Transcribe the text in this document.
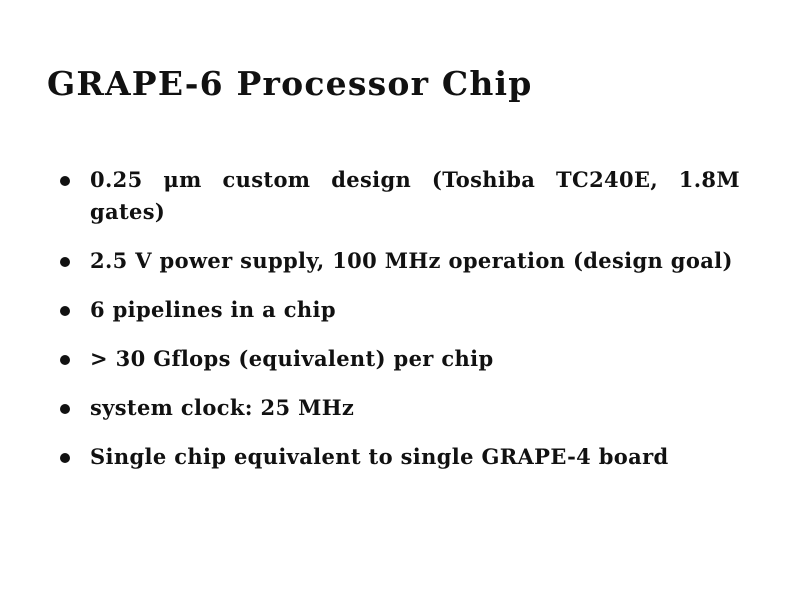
GRAPE-6 Processor Chip
0.25 μm custom design (Toshiba TC240E, 1.8M gates)
2.5 V power supply, 100 MHz operation (design goal)
6 pipelines in a chip
> 30 Gflops (equivalent) per chip
system clock: 25 MHz
Single chip equivalent to single GRAPE-4 board
